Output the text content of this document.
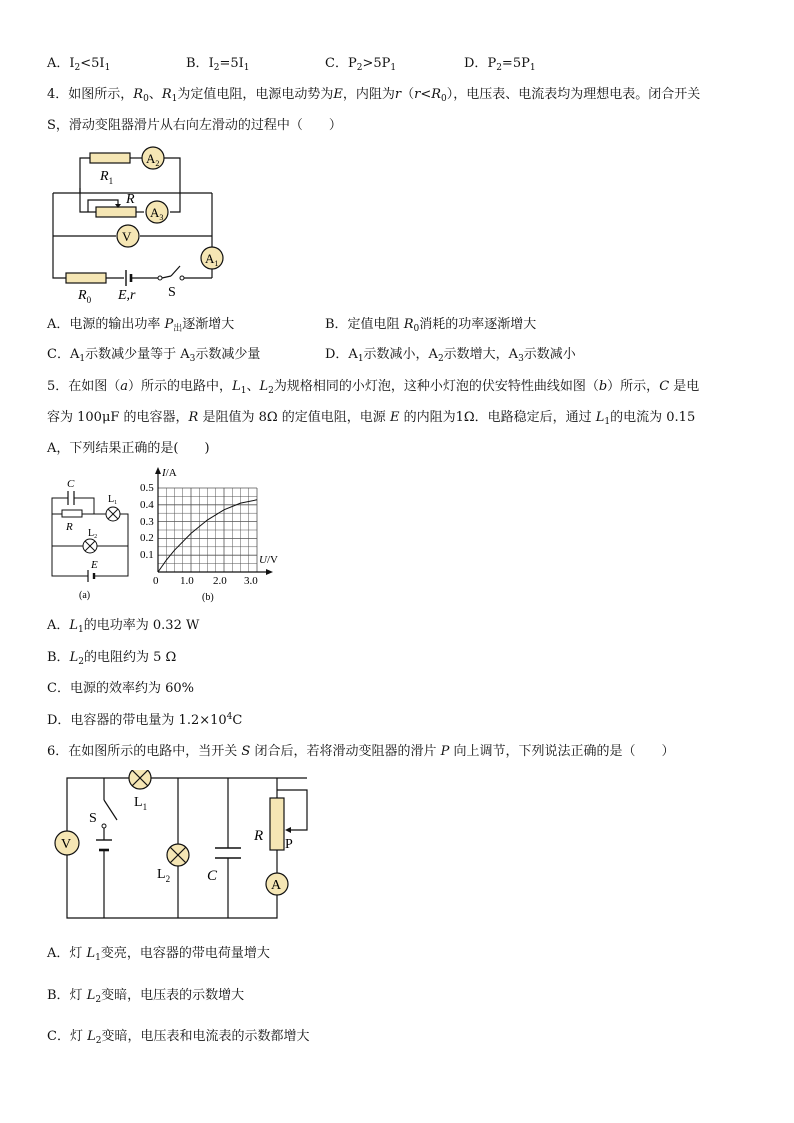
A．$I_2<5I_1$	B．$I_2=5I_1$	C．$P_2>5P_1$	D．$P_2=5P_1$
4．如图所示，$R_0$、$R_1$为定值电阻，电源电动势为E，内阻为$r(r<R_0)$，电压表、电流表均为理想电表。闭合开关
S，滑动变阻器滑片从右向左滑动的过程中（　　）
$A_2$
$A_3$
V
$A_1$
$R_1$
R
$R_0$ E,r S
A．电源的输出功率 $P_出$逐渐增大	B．定值电阻 $R_0$消耗的功率逐渐增大
C．$A_1$示数减少量等于 $A_3$示数减少量	D．$A_1$示数减小，$A_2$示数增大，$A_3$示数减小
5．在如图（a）所示的电路中，$L_1$、$L_2$为规格相同的小灯泡，这种小灯泡的伏安特性曲线如图（b）所示，C 是电
容为 100μF 的电容器，R 是阻值为 8Ω 的定值电阻，电源 E 的内阻为1Ω．电路稳定后，通过 $L_1$的电流为 0.15
A，下列结果正确的是(　　)
C
$L_1$
R
$L_2$
E
(a)
I/A
U/V
0.5
0.4
0.3
0.2
0.1
0 1.0 2.0 3.0
(b)
A．$L_1$的电功率为 0.32 W
B．$L_2$的电阻约为 5 Ω
C．电源的效率约为 60%
D．电容器的带电量为 $1.2\times 10^4C$
6．在如图所示的电路中，当开关 S 闭合后，若将滑动变阻器的滑片 P 向上调节，下列说法正确的是（　　）
V
A
S
$L_1$
$L_2$ C
R
P
A．灯 $L_1$变亮，电容器的带电荷量增大
B．灯 $L_2$变暗，电压表的示数增大
C．灯 $L_2$变暗，电压表和电流表的示数都增大
